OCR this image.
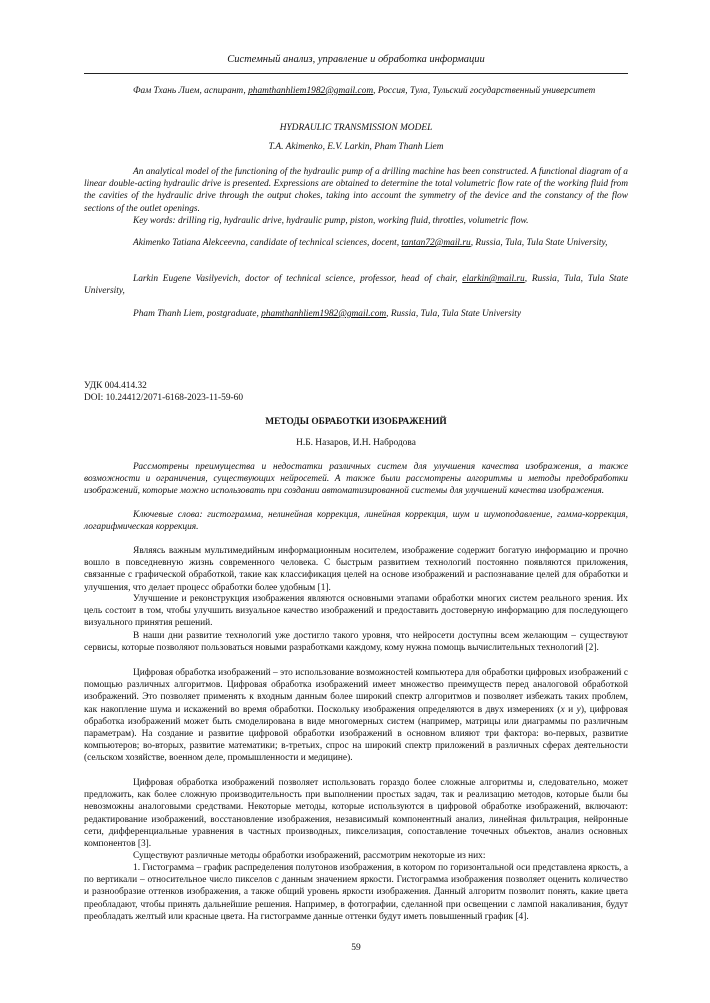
Системный анализ, управление и обработка информации
Фам Тхань Лием, аспирант, phamthanhliem1982@gmail.com, Россия, Тула, Тульский государственный университет
HYDRAULIC TRANSMISSION MODEL
T.A. Akimenko, E.V. Larkin, Pham Thanh Liem
An analytical model of the functioning of the hydraulic pump of a drilling machine has been constructed. A functional diagram of a linear double-acting hydraulic drive is presented. Expressions are obtained to determine the total volumetric flow rate of the working fluid from the cavities of the hydraulic drive through the output chokes, taking into account the symmetry of the device and the constancy of the flow sections of the outlet openings.
Key words: drilling rig, hydraulic drive, hydraulic pump, piston, working fluid, throttles, volumetric flow.
Akimenko Tatiana Alekceevna, candidate of technical sciences, docent, tantan72@mail.ru, Russia, Tula, Tula State University,
Larkin Eugene Vasilyevich, doctor of technical science, professor, head of chair, elarkin@mail.ru, Russia, Tula, Tula State University,
Pham Thanh Liem, postgraduate, phamthanhliem1982@gmail.com, Russia, Tula, Tula State University
УДК 004.414.32
DOI: 10.24412/2071-6168-2023-11-59-60
МЕТОДЫ ОБРАБОТКИ ИЗОБРАЖЕНИЙ
Н.Б. Назаров, И.Н. Набродова
Рассмотрены преимущества и недостатки различных систем для улучшения качества изображения, а также возможности и ограничения, существующих нейросетей. А также были рассмотрены алгоритмы и методы предобработки изображений, которые можно использовать при создании автоматизированной системы для улучшений качества изображения.
Ключевые слова: гистограмма, нелинейная коррекция, линейная коррекция, шум и шумоподавление, гамма-коррекция, логарифмическая коррекция.
Являясь важным мультимедийным информационным носителем, изображение содержит богатую информацию и прочно вошло в повседневную жизнь современного человека. С быстрым развитием технологий постоянно появляются приложения, связанные с графической обработкой, такие как классификация целей на основе изображений и распознавание целей для обработки и улучшения, что делает процесс обработки более удобным [1].
Улучшение и реконструкция изображения являются основными этапами обработки многих систем реального зрения. Их цель состоит в том, чтобы улучшить визуальное качество изображений и предоставить достоверную информацию для последующего визуального принятия решений.
В наши дни развитие технологий уже достигло такого уровня, что нейросети доступны всем желающим – существуют сервисы, которые позволяют пользоваться новыми разработками каждому, кому нужна помощь вычислительных технологий [2].
Цифровая обработка изображений – это использование возможностей компьютера для обработки цифровых изображений с помощью различных алгоритмов. Цифровая обработка изображений имеет множество преимуществ перед аналоговой обработкой изображений. Это позволяет применять к входным данным более широкий спектр алгоритмов и позволяет избежать таких проблем, как накопление шума и искажений во время обработки. Поскольку изображения определяются в двух измерениях (x и y), цифровая обработка изображений может быть смоделирована в виде многомерных систем (например, матрицы или диаграммы по различным параметрам). На создание и развитие цифровой обработки изображений в основном влияют три фактора: во-первых, развитие компьютеров; во-вторых, развитие математики; в-третьих, спрос на широкий спектр приложений в различных сферах деятельности (сельском хозяйстве, военном деле, промышленности и медицине).
Цифровая обработка изображений позволяет использовать гораздо более сложные алгоритмы и, следовательно, может предложить, как более сложную производительность при выполнении простых задач, так и реализацию методов, которые были бы невозможны аналоговыми средствами. Некоторые методы, которые используются в цифровой обработке изображений, включают: редактирование изображений, восстановление изображения, независимый компонентный анализ, линейная фильтрация, нейронные сети, дифференциальные уравнения в частных производных, пикселизация, сопоставление точечных объектов, анализ основных компонентов [3].
Существуют различные методы обработки изображений, рассмотрим некоторые из них:
1. Гистограмма – график распределения полутонов изображения, в котором по горизонтальной оси представлена яркость, а по вертикали – относительное число пикселов с данным значением яркости. Гистограмма изображения позволяет оценить количество и разнообразие оттенков изображения, а также общий уровень яркости изображения. Данный алгоритм позволит понять, какие цвета преобладают, чтобы принять дальнейшие решения. Например, в фотографии, сделанной при освещении с лампой накаливания, будут преобладать желтый или красные цвета. На гистограмме данные оттенки будут иметь повышенный график [4].
59
